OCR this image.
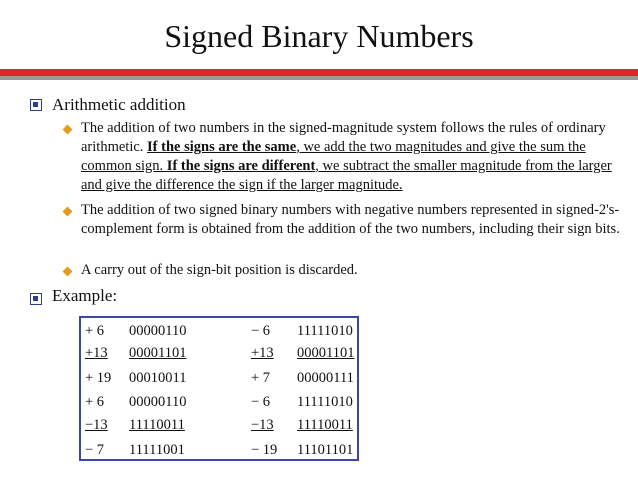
Signed Binary Numbers
Arithmetic addition
The addition of two numbers in the signed-magnitude system follows the rules of ordinary arithmetic. If the signs are the same, we add the two magnitudes and give the sum the common sign. If the signs are different, we subtract the smaller magnitude from the larger and give the difference the sign if the larger magnitude.
The addition of two signed binary numbers with negative numbers represented in signed-2's-complement form is obtained from the addition of the two numbers, including their sign bits.
A carry out of the sign-bit position is discarded.
Example:
+ 6 00000110	− 6 11111010
+13 00001101	+13 00001101
+ 19 00010011	+ 7 00000111
+ 6 00000110	− 6 11111010
−13 11110011	−13 11110011
− 7 11111001	− 19 11101101
